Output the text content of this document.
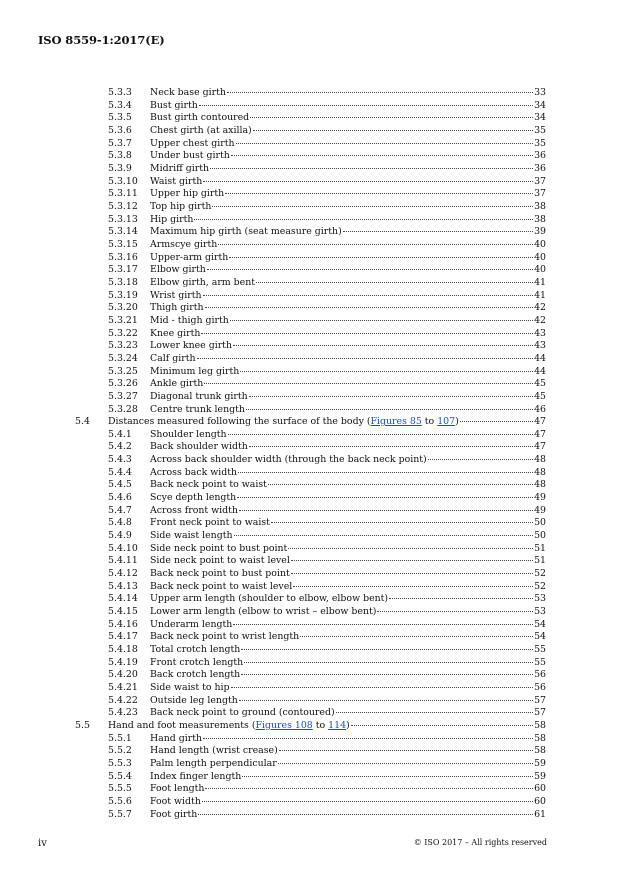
ISO 8559-1:2017(E)
5.3.3 Neck base girth	33
5.3.4 Bust girth	34
5.3.5 Bust girth contoured	34
5.3.6 Chest girth (at axilla)	35
5.3.7 Upper chest girth	35
5.3.8 Under bust girth	36
5.3.9 Midriff girth	36
5.3.10 Waist girth	37
5.3.11 Upper hip girth	37
5.3.12 Top hip girth	38
5.3.13 Hip girth	38
5.3.14 Maximum hip girth (seat measure girth)	39
5.3.15 Armscye girth	40
5.3.16 Upper-arm girth	40
5.3.17 Elbow girth	40
5.3.18 Elbow girth, arm bent	41
5.3.19 Wrist girth	41
5.3.20 Thigh girth	42
5.3.21 Mid - thigh girth	42
5.3.22 Knee girth	43
5.3.23 Lower knee girth	43
5.3.24 Calf girth	44
5.3.25 Minimum leg girth	44
5.3.26 Ankle girth	45
5.3.27 Diagonal trunk girth	45
5.3.28 Centre trunk length	46
5.4 Distances measured following the surface of the body (Figures 85 to 107)	47
5.4.1 Shoulder length	47
5.4.2 Back shoulder width	47
5.4.3 Across back shoulder width (through the back neck point)	48
5.4.4 Across back width	48
5.4.5 Back neck point to waist	48
5.4.6 Scye depth length	49
5.4.7 Across front width	49
5.4.8 Front neck point to waist	50
5.4.9 Side waist length	50
5.4.10 Side neck point to bust point	51
5.4.11 Side neck point to waist level	51
5.4.12 Back neck point to bust point	52
5.4.13 Back neck point to waist level	52
5.4.14 Upper arm length (shoulder to elbow, elbow bent)	53
5.4.15 Lower arm length (elbow to wrist – elbow bent)	53
5.4.16 Underarm length	54
5.4.17 Back neck point to wrist length	54
5.4.18 Total crotch length	55
5.4.19 Front crotch length	55
5.4.20 Back crotch length	56
5.4.21 Side waist to hip	56
5.4.22 Outside leg length	57
5.4.23 Back neck point to ground (contoured)	57
5.5 Hand and foot measurements (Figures 108 to 114)	58
5.5.1 Hand girth	58
5.5.2 Hand length (wrist crease)	58
5.5.3 Palm length perpendicular	59
5.5.4 Index finger length	59
5.5.5 Foot length	60
5.5.6 Foot width	60
5.5.7 Foot girth	61
iv	© ISO 2017 – All rights reserved
